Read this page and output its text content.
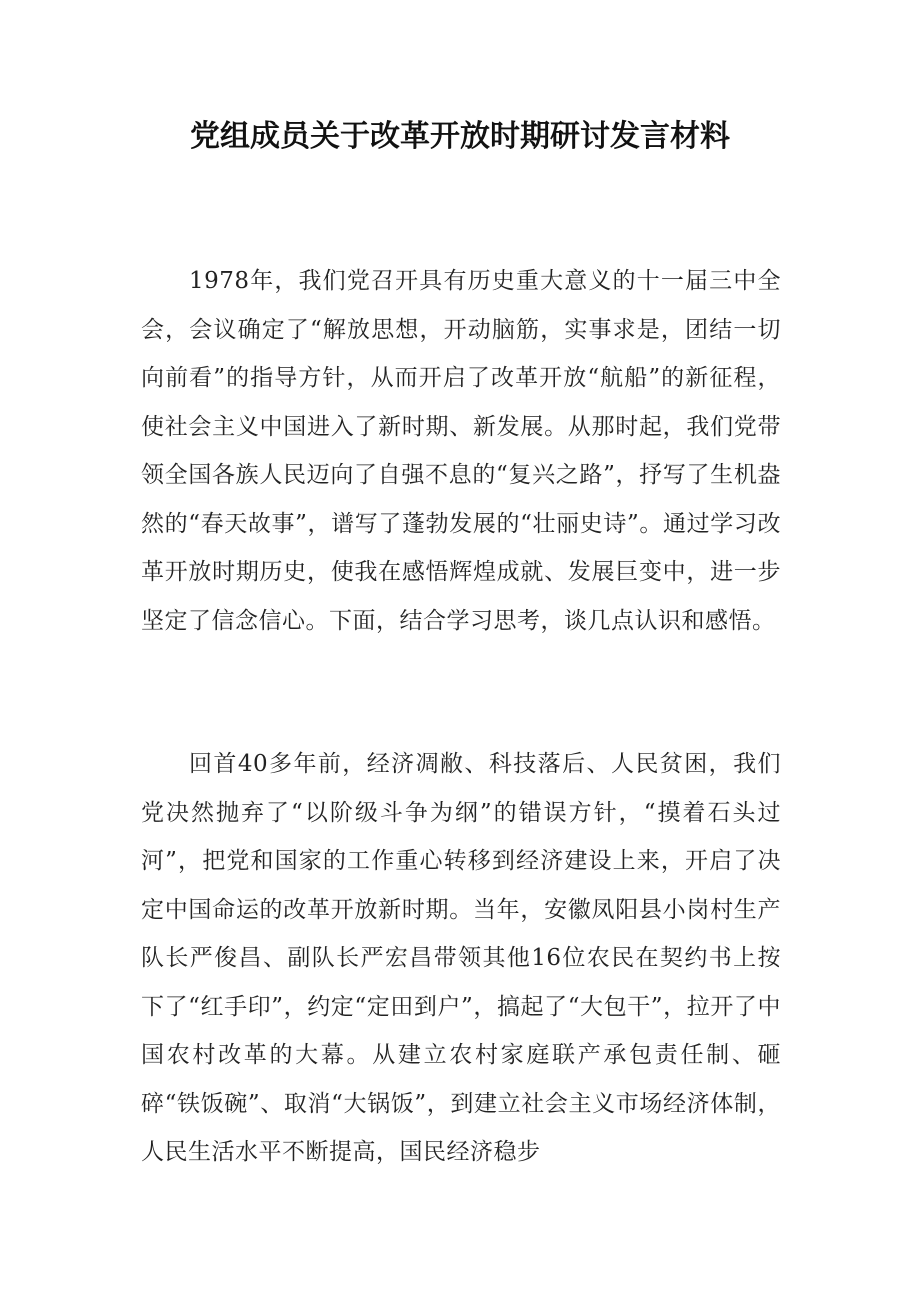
党组成员关于改革开放时期研讨发言材料

1978年，我们党召开具有历史重大意义的十一届三中全会，会议确定了“解放思想，开动脑筋，实事求是，团结一切向前看”的指导方针，从而开启了改革开放“航船”的新征程，使社会主义中国进入了新时期、新发展。从那时起，我们党带领全国各族人民迈向了自强不息的“复兴之路”，抒写了生机盎然的“春天故事”，谱写了蓬勃发展的“壮丽史诗”。通过学习改革开放时期历史，使我在感悟辉煌成就、发展巨变中，进一步坚定了信念信心。下面，结合学习思考，谈几点认识和感悟。

回首40多年前，经济凋敝、科技落后、人民贫困，我们党决然抛弃了“以阶级斗争为纲”的错误方针，“摸着石头过河”，把党和国家的工作重心转移到经济建设上来，开启了决定中国命运的改革开放新时期。当年，安徽凤阳县小岗村生产队长严俊昌、副队长严宏昌带领其他16位农民在契约书上按下了“红手印”，约定“定田到户”，搞起了“大包干”，拉开了中国农村改革的大幕。从建立农村家庭联产承包责任制、砸碎“铁饭碗”、取消“大锅饭”，到建立社会主义市场经济体制，人民生活水平不断提高，国民经济稳步
